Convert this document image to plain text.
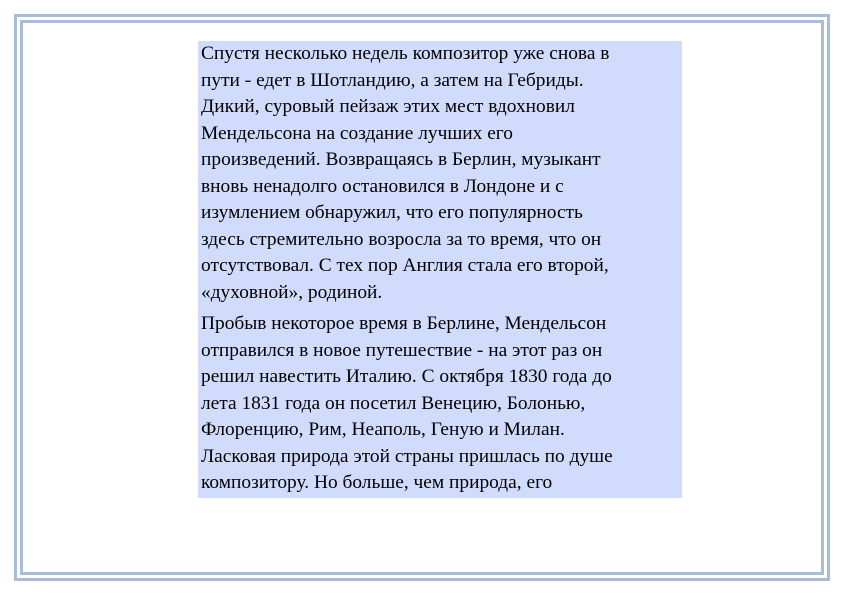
Спустя несколько недель композитор уже снова в
пути - едет в Шотландию, а затем на Гебриды.
Дикий, суровый пейзаж этих мест вдохновил
Мендельсона на создание лучших его
произведений. Возвращаясь в Берлин, музыкант
вновь ненадолго остановился в Лондоне и с
изумлением обнаружил, что его популярность
здесь стремительно возросла за то время, что он
отсутствовал. С тех пор Англия стала его второй,
«духовной», родиной.

Пробыв некоторое время в Берлине, Мендельсон
отправился в новое путешествие - на этот раз он
решил навестить Италию. С октября 1830 года до
лета 1831 года он посетил Венецию, Болонью,
Флоренцию, Рим, Неаполь, Геную и Милан.
Ласковая природа этой страны пришлась по душе
композитору. Но больше, чем природа, его
